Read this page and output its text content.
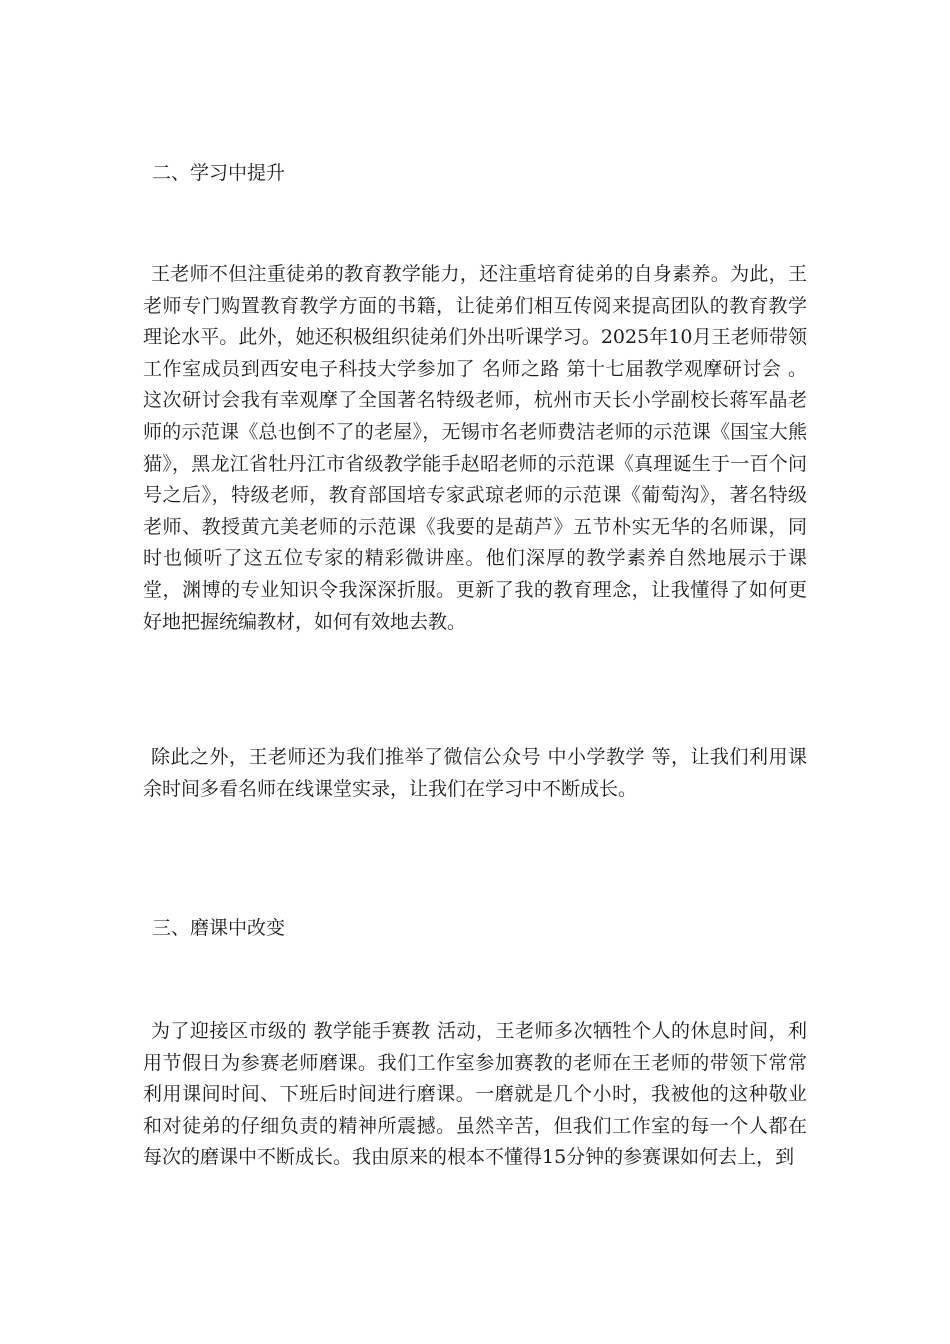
二、学习中提升

王老师不但注重徒弟的教育教学能力，还注重培育徒弟的自身素养。为此，王老师专门购置教育教学方面的书籍，让徒弟们相互传阅来提高团队的教育教学理论水平。此外，她还积极组织徒弟们外出听课学习。2025年10月王老师带领工作室成员到西安电子科技大学参加了 名师之路 第十七届教学观摩研讨会 。这次研讨会我有幸观摩了全国著名特级老师，杭州市天长小学副校长蒋军晶老师的示范课《总也倒不了的老屋》，无锡市名老师费洁老师的示范课《国宝大熊猫》，黑龙江省牡丹江市省级教学能手赵昭老师的示范课《真理诞生于一百个问号之后》，特级老师，教育部国培专家武琼老师的示范课《葡萄沟》，著名特级老师、教授黄亢美老师的示范课《我要的是葫芦》五节朴实无华的名师课，同时也倾听了这五位专家的精彩微讲座。他们深厚的教学素养自然地展示于课堂，渊博的专业知识令我深深折服。更新了我的教育理念，让我懂得了如何更好地把握统编教材，如何有效地去教。

除此之外，王老师还为我们推举了微信公众号 中小学教学 等，让我们利用课余时间多看名师在线课堂实录，让我们在学习中不断成长。

三、磨课中改变

为了迎接区市级的 教学能手赛教 活动，王老师多次牺牲个人的休息时间，利用节假日为参赛老师磨课。我们工作室参加赛教的老师在王老师的带领下常常利用课间时间、下班后时间进行磨课。一磨就是几个小时，我被他的这种敬业和对徒弟的仔细负责的精神所震撼。虽然辛苦，但我们工作室的每一个人都在每次的磨课中不断成长。我由原来的根本不懂得15分钟的参赛课如何去上，到
